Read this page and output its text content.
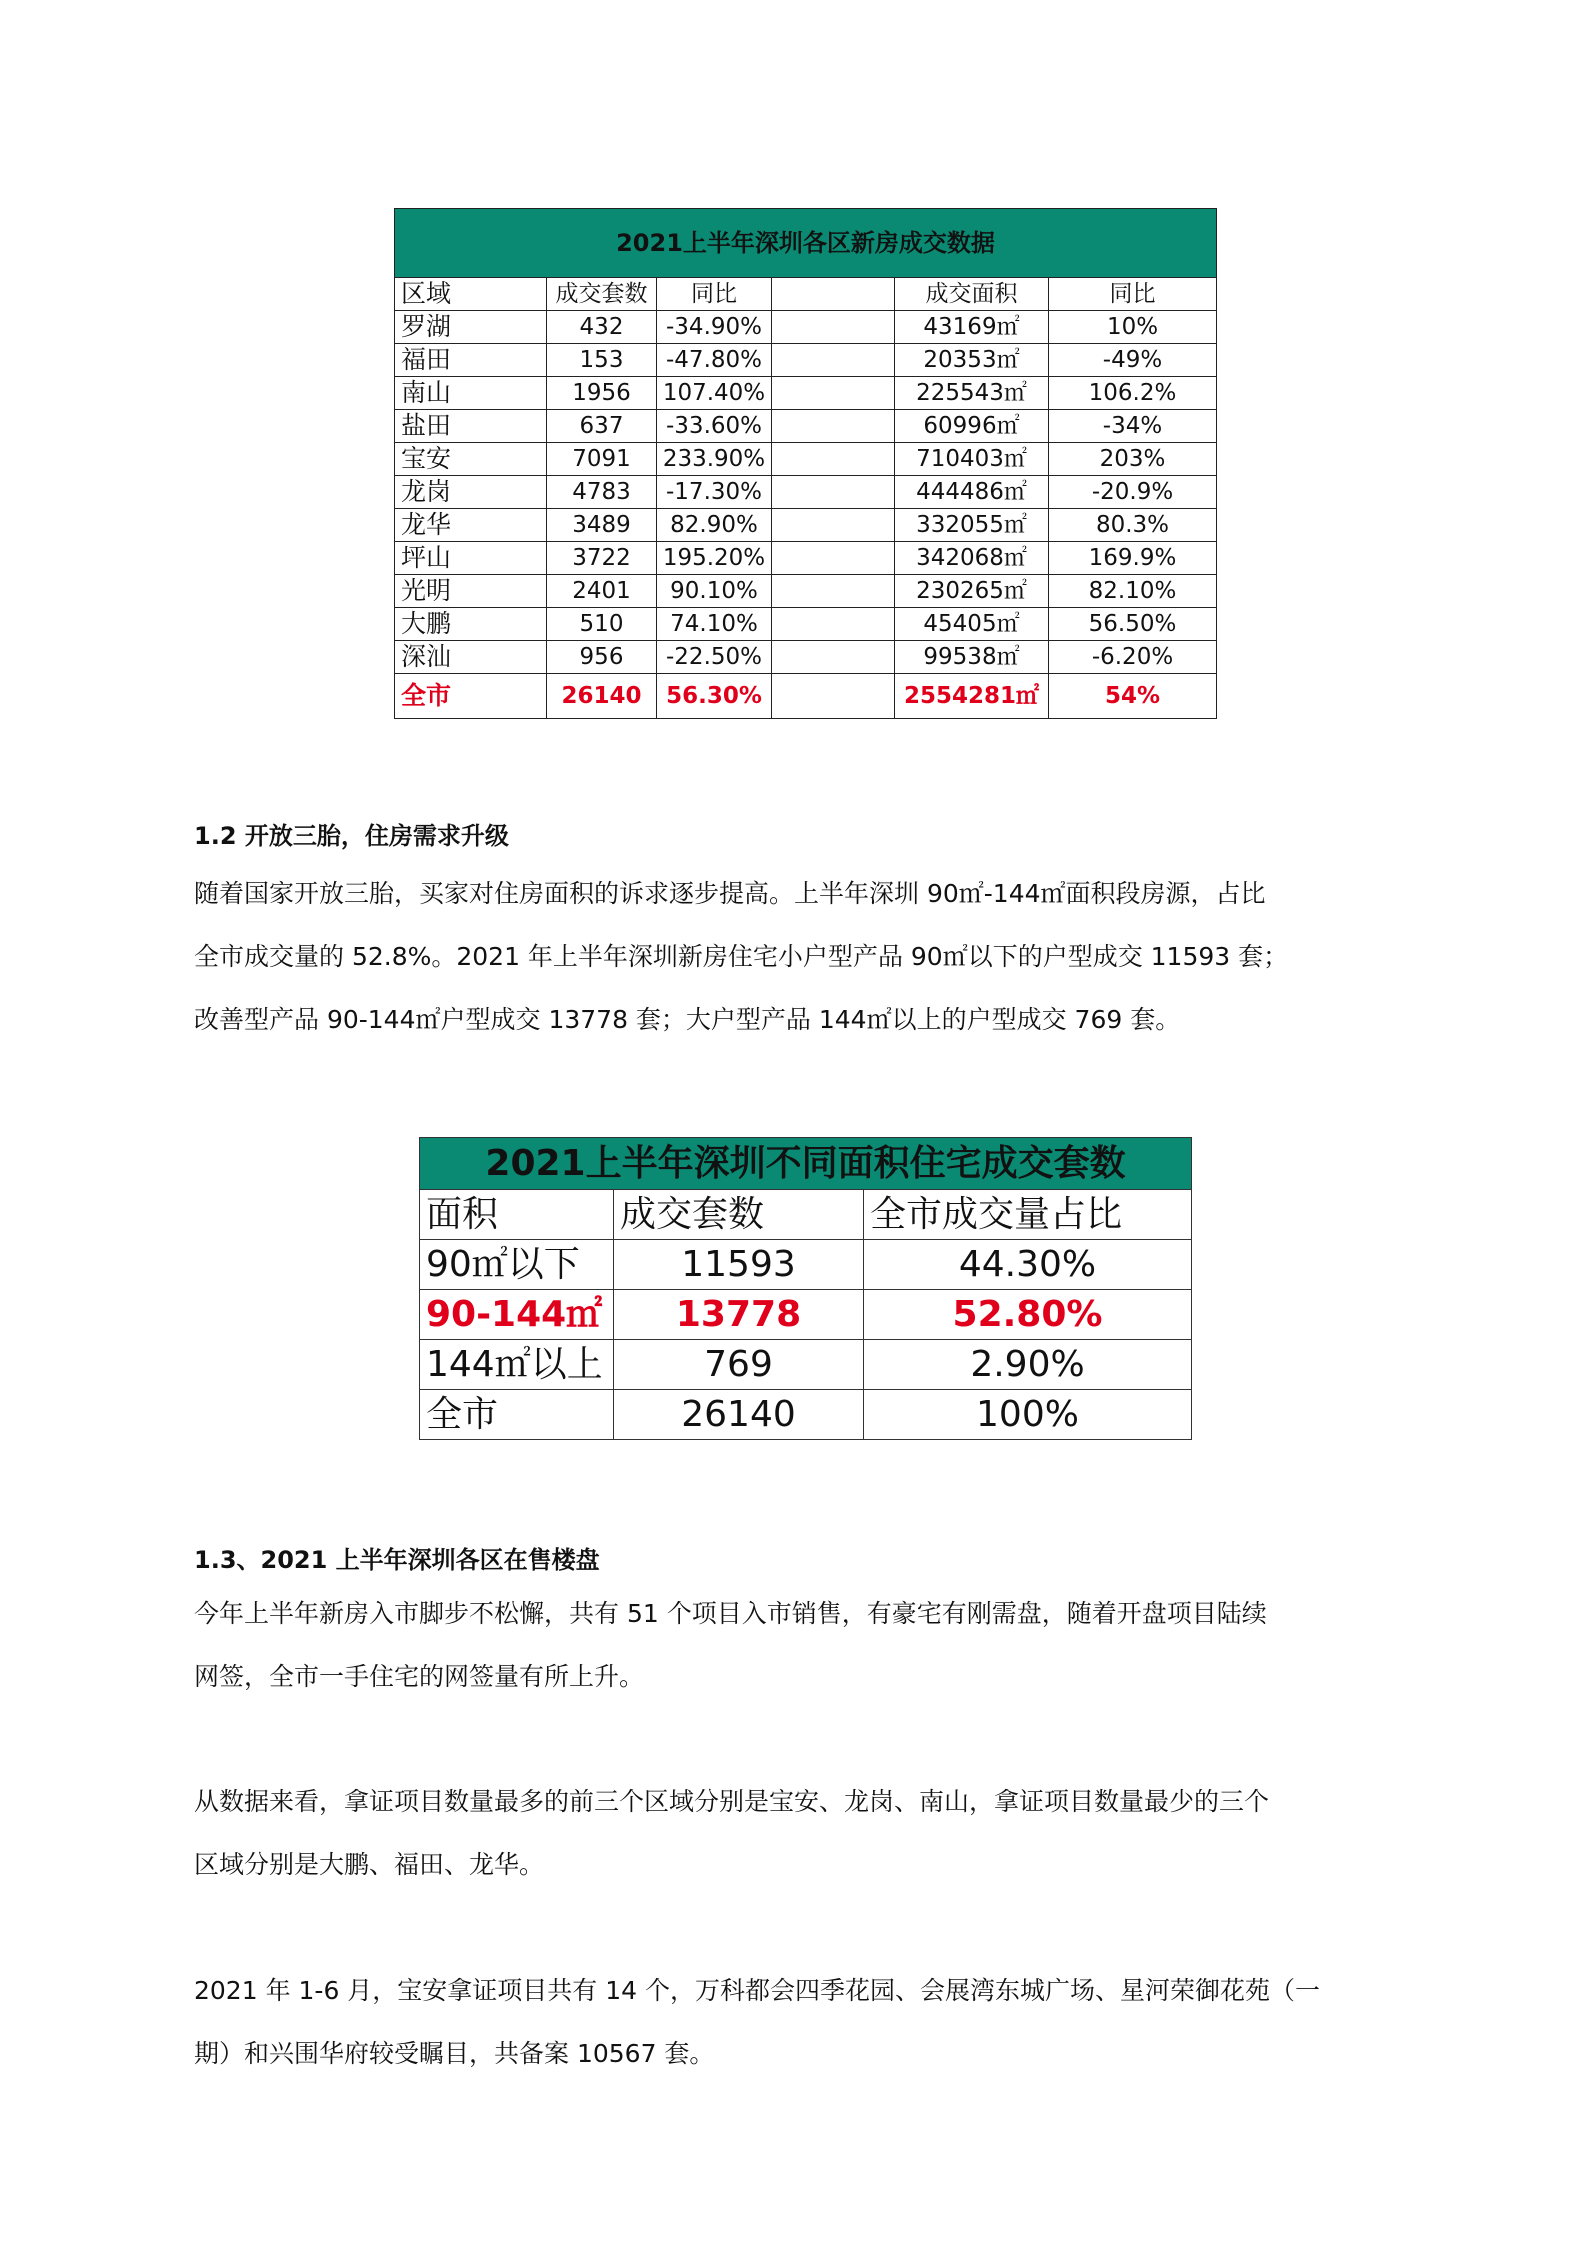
2021上半年深圳各区新房成交数据					
区域	成交套数	同比		成交面积	同比
罗湖	432	-34.90%		43169㎡	10%
福田	153	-47.80%		20353㎡	-49%
南山	1956	107.40%		225543㎡	106.2%
盐田	637	-33.60%		60996㎡	-34%
宝安	7091	233.90%		710403㎡	203%
龙岗	4783	-17.30%		444486㎡	-20.9%
龙华	3489	82.90%		332055㎡	80.3%
坪山	3722	195.20%		342068㎡	169.9%
光明	2401	90.10%		230265㎡	82.10%
大鹏	510	74.10%		45405㎡	56.50%
深汕	956	-22.50%		99538㎡	-6.20%
全市	26140	56.30%		2554281㎡	54%
1.2 开放三胎，住房需求升级
随着国家开放三胎，买家对住房面积的诉求逐步提高。上半年深圳 90㎡-144㎡面积段房源，占比
全市成交量的 52.8%。2021 年上半年深圳新房住宅小户型产品 90㎡以下的户型成交 11593 套；
改善型产品 90-144㎡户型成交 13778 套；大户型产品 144㎡以上的户型成交 769 套。
2021上半年深圳不同面积住宅成交套数		
面积	成交套数	全市成交量占比
90㎡以下	11593	44.30%
90-144㎡	13778	52.80%
144㎡以上	769	2.90%
全市	26140	100%
1.3、2021 上半年深圳各区在售楼盘
今年上半年新房入市脚步不松懈，共有 51 个项目入市销售，有豪宅有刚需盘，随着开盘项目陆续
网签，全市一手住宅的网签量有所上升。
从数据来看，拿证项目数量最多的前三个区域分别是宝安、龙岗、南山，拿证项目数量最少的三个
区域分别是大鹏、福田、龙华。
2021 年 1-6 月，宝安拿证项目共有 14 个，万科都会四季花园、会展湾东城广场、星河荣御花苑（一
期）和兴围华府较受瞩目，共备案 10567 套。
